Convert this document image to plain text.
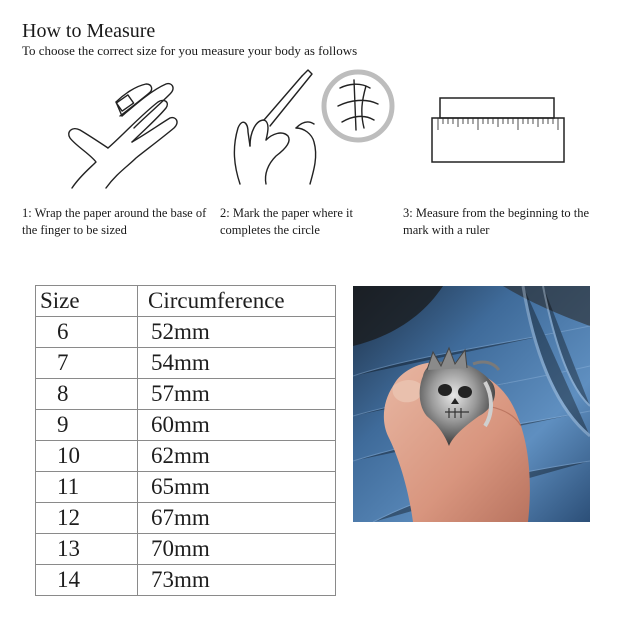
How to Measure
To choose the correct size for you measure your body as follows
1: Wrap the paper around the base of the finger to be sized
2: Mark the paper where it completes the circle
3: Measure from the beginning to the mark with a ruler
Size	Circumference
6	52mm
7	54mm
8	57mm
9	60mm
10	62mm
11	65mm
12	67mm
13	70mm
14	73mm
